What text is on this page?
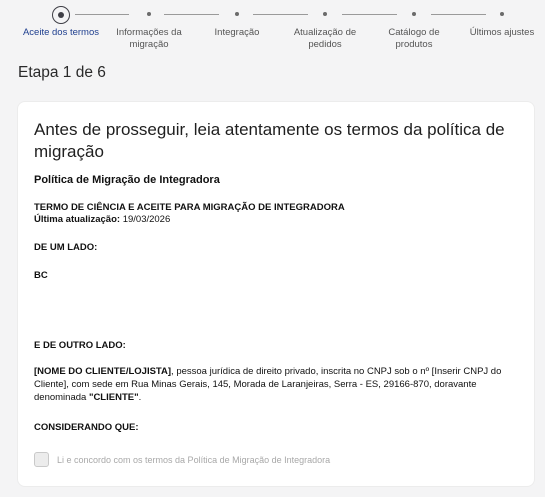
Aceite dos termos	Informações da migração
Integração	Atualização de pedidos
Catálogo de produtos
Últimos ajustes
Etapa 1 de 6
Antes de prosseguir, leia atentamente os termos da política de migração
Política de Migração de Integradora
TERMO DE CIÊNCIA E ACEITE PARA MIGRAÇÃO DE INTEGRADORA
Última atualização: 19/03/2026
DE UM LADO:
BC
E DE OUTRO LADO:
[NOME DO CLIENTE/LOJISTA], pessoa jurídica de direito privado, inscrita no CNPJ sob o nº [Inserir CNPJ do Cliente], com sede em Rua Minas Gerais, 145, Morada de Laranjeiras, Serra - ES, 29166-870, doravante denominada "CLIENTE".
CONSIDERANDO QUE:
Li e concordo com os termos da Política de Migração de Integradora
